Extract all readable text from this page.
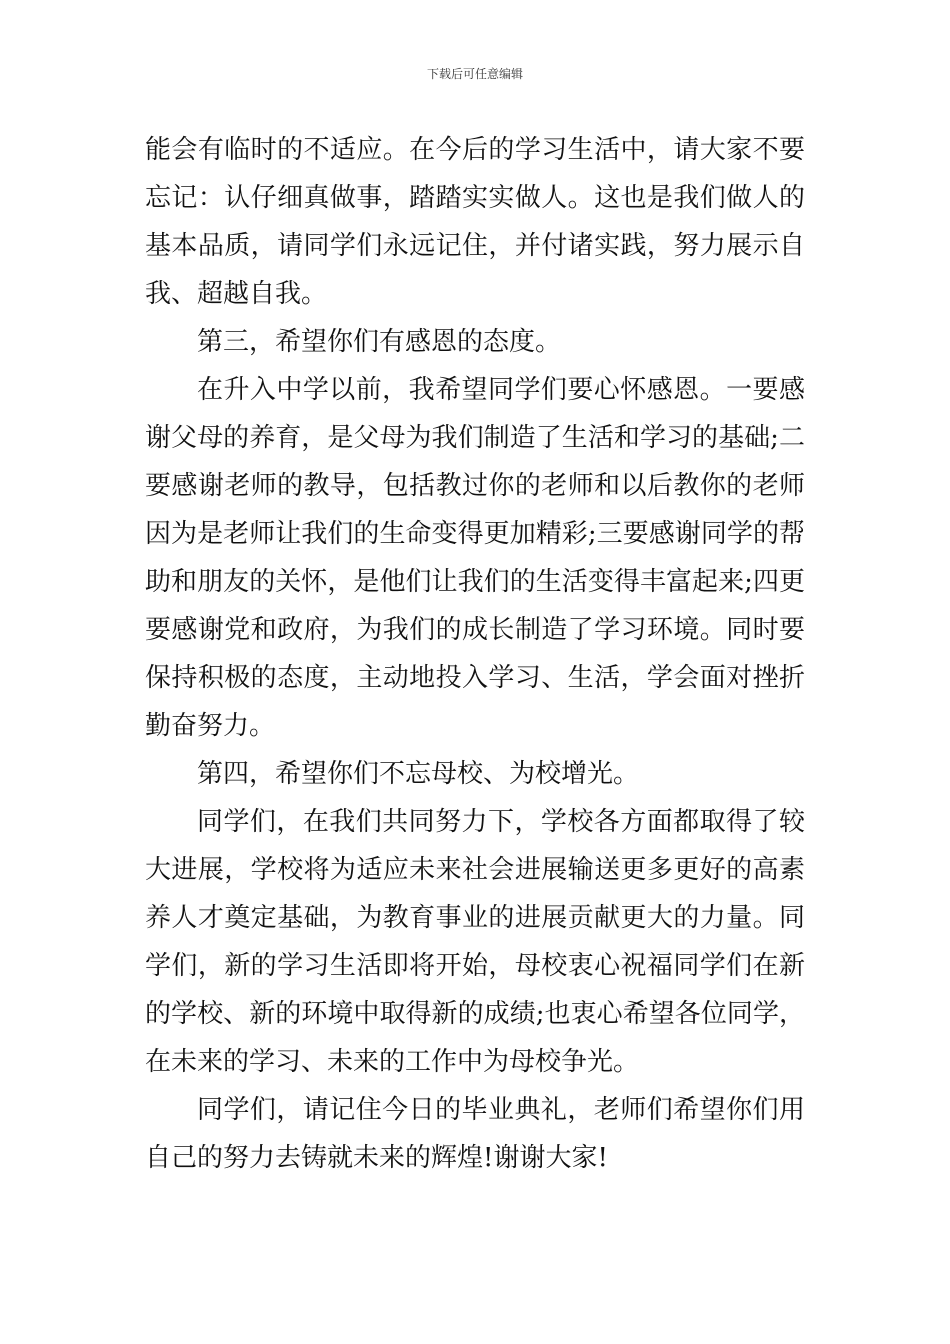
下载后可任意编辑

能会有临时的不适应。在今后的学习生活中，请大家不要忘记：认仔细真做事，踏踏实实做人。这也是我们做人的基本品质，请同学们永远记住，并付诸实践，努力展示自我、超越自我。

第三，希望你们有感恩的态度。

在升入中学以前，我希望同学们要心怀感恩。一要感谢父母的养育，是父母为我们制造了生活和学习的基础;二要感谢老师的教导，包括教过你的老师和以后教你的老师因为是老师让我们的生命变得更加精彩;三要感谢同学的帮助和朋友的关怀，是他们让我们的生活变得丰富起来;四更要感谢党和政府，为我们的成长制造了学习环境。同时要保持积极的态度，主动地投入学习、生活，学会面对挫折勤奋努力。

第四，希望你们不忘母校、为校增光。

同学们，在我们共同努力下，学校各方面都取得了较大进展，学校将为适应未来社会进展输送更多更好的高素养人才奠定基础，为教育事业的进展贡献更大的力量。同学们，新的学习生活即将开始，母校衷心祝福同学们在新的学校、新的环境中取得新的成绩;也衷心希望各位同学，在未来的学习、未来的工作中为母校争光。

同学们，请记住今日的毕业典礼，老师们希望你们用自己的努力去铸就未来的辉煌!谢谢大家!
